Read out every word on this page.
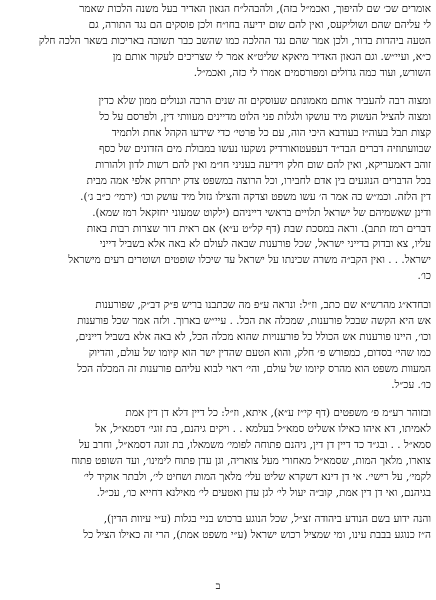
אומרים שכ׳ שם להיפוך, ואכמ״ל בזה), ולהבהל״ח הגאון האדיר בעל משנה הלכות שאמר
לי עליהם שהם ושוליקעס, ואין להם שום ידיעה בחו״ח ולכן פוסקים הם נגד התורה, גם
הטעה ביהדות בדור, ולכן אמר שהם נגד ההלכה כמו שהשב כבר תשובה באריכות בשאר הלכה חלק
כ״א, ועיי״ש. וגם הגאון האדיר מיאקא שליט״א אמר לי שצריכים לעקור אותם מן
השורש, ועוד כמה גדולים ומפורסמים אמרו לי כזה, ואכמ״ל.
ומצוה רבה להעביר אותם מאמונתם שעוסקים זה שנים הרבה וגנולים ממון שלא כדין
ומצוה להציל העשוק מיד עושקו ולגלות פני הלוט מדיינים מעוותי דין, ולפרסם על כל
קצות תבל בעוה״ז בעודבא היכי הוה, עם כל פרטי׳ כדי שידעו הקהל אחת ולתמיד
שבוועתוזיה דברים הבד״ד דעפעטואורדיק נשקעו נעשו במבולת מים הזדונים של כסף
זוהב דאמעריקא, ואין להם שום חלק וידיעה בעניני חו״מ ואין להם רשות לדון ולהורות
בכל הדברים הנוגעים בין אדם לחבירו, וכל הרוצה במשפט צדק יתרחק אלפי אמה מבית
דין הלזה. וכמ״ש כה אמר ה׳ עשו משפט וצדקה והצילו גזול מיד עושק וכו׳ (ירמי׳ כ״ב ג׳).
ודינן שאשמיהם של ישראל תלויים בראשי דייניהם (ילקוט שמעוני יחזקאל רמז שמא).
דברים רמז תתב). וראה במסכת שבת (דף קל״ט ע״א) אם ראית דור שצרות רבות באות
עליו, צא ובדוק בדייני ישראל, שכל פורענות שבאה לעולם לא באה אלא בשביל דייני
ישראל. . . ואין הקב״ה משרה שכינתו על ישראל עד שיכלו שופטים ושוטרים רעים מישראל
כו׳.
ובחדא״ג מהרש״א שם כתב, וז״ל: ונראה ע״פ מה שכתבנו בריש פ״ק דב״ק, שפורענות
אש היא הקשה שבכל פורענות, שמכלה את הכל. . עיי״ש בארוך. ולזה אמר שכל פורענות
וכו׳, היינו פורענות אש הכולל כל פורענויות שהוא מכלה הכל, לא באה אלא בשביל דיינים,
כמו שהי׳ בסדום, כמפורש פ׳ חלק, והוא הטעם שהדין ישר הוא קיומו של עולם, והדיוק
המעוות משפט הוא מהרס קיומו של עולם, והי׳ ראוי לבוא עליהם פורענות זה המכלה הכל
כו׳. עכ״ל.
ובזוהר רע״מ פ׳ משפטים (דף קי״ז ע״א), איתא, וז״ל: כל דיין דלא דן דין אמת
לאמיתו, דא איהו כאילו אשליט סמא״ל בעלמא . . ויקים גיהנם, בת זוגי׳ דסמא״ל, אל
סמא״ל . . ובג״ד כד דיין דן דין, גיהנם פתוחה לפומי׳ משמאלו, בת זוגה דסמא״ל, וחרב על
צוארו, מלאך המות, שסמא״ל מאחורי מעל צואריה, וגן עדן פתוח לימינו׳, ועד השופט פתוח
לקמי׳, על רישי׳. אי דן דינא דשקרא שליט עלי׳ מלאך המות ושחיט לי׳, ולבתר אוקיד לי׳
בגיהנם, ואי דן דין אמת, קוב״ה יעול לי׳ לגן עדן ואטעים לי׳ מאילנא דחייא כו׳, עכ״ל.
והנה ידוע בשם הנודע ביהודה זצ״ל, שכל הנוגע ברכוש בניי בגלות (ע״י עיוות הדין),
ה״ז כנוגע בבבת עינו, ומי שמציל רכוש ישראל (ע״י משפט אמת), הרי זה כאילו הציל כל
ב
